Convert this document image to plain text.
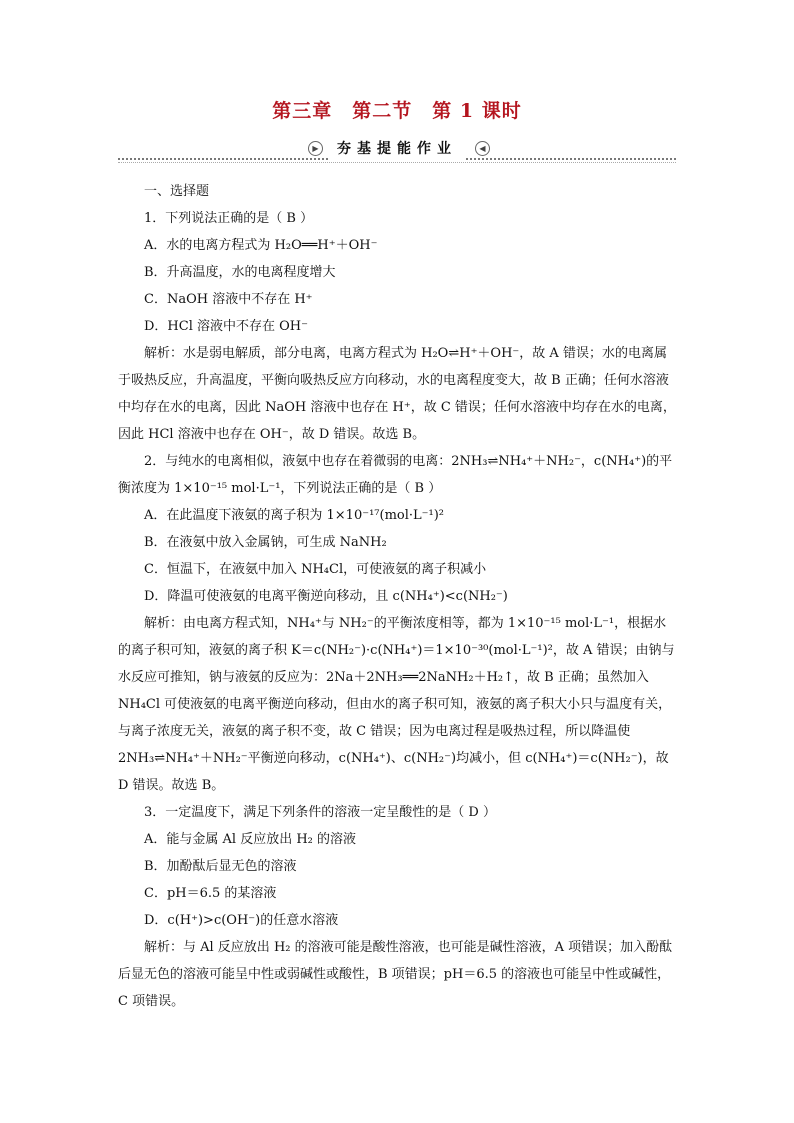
第三章　第二节　第 1 课时
夯基提能作业
▶	◀

一、选择题

1．下列说法正确的是（ B ）

A．水的电离方程式为 H₂O══H⁺＋OH⁻

B．升高温度，水的电离程度增大

C．NaOH 溶液中不存在 H⁺

D．HCl 溶液中不存在 OH⁻

解析：水是弱电解质，部分电离，电离方程式为 H₂O⇌H⁺＋OH⁻，故 A 错误；水的电离属于吸热反应，升高温度，平衡向吸热反应方向移动，水的电离程度变大，故 B 正确；任何水溶液中均存在水的电离，因此 NaOH 溶液中也存在 H⁺，故 C 错误；任何水溶液中均存在水的电离，因此 HCl 溶液中也存在 OH⁻，故 D 错误。故选 B。

2．与纯水的电离相似，液氨中也存在着微弱的电离：2NH₃⇌NH₄⁺＋NH₂⁻，c(NH₄⁺)的平衡浓度为 1×10⁻¹⁵ mol·L⁻¹，下列说法正确的是（ B ）

A．在此温度下液氨的离子积为 1×10⁻¹⁷(mol·L⁻¹)²

B．在液氨中放入金属钠，可生成 NaNH₂

C．恒温下，在液氨中加入 NH₄Cl，可使液氨的离子积减小

D．降温可使液氨的电离平衡逆向移动，且 c(NH₄⁺)<c(NH₂⁻)

解析：由电离方程式知，NH₄⁺与 NH₂⁻的平衡浓度相等，都为 1×10⁻¹⁵ mol·L⁻¹，根据水的离子积可知，液氨的离子积 K＝c(NH₂⁻)·c(NH₄⁺)＝1×10⁻³⁰(mol·L⁻¹)²，故 A 错误；由钠与水反应可推知，钠与液氨的反应为：2Na＋2NH₃══2NaNH₂＋H₂↑，故 B 正确；虽然加入 NH₄Cl 可使液氨的电离平衡逆向移动，但由水的离子积可知，液氨的离子积大小只与温度有关，与离子浓度无关，液氨的离子积不变，故 C 错误；因为电离过程是吸热过程，所以降温使 2NH₃⇌NH₄⁺＋NH₂⁻平衡逆向移动，c(NH₄⁺)、c(NH₂⁻)均减小，但 c(NH₄⁺)＝c(NH₂⁻)，故 D 错误。故选 B。

3．一定温度下，满足下列条件的溶液一定呈酸性的是（ D ）

A．能与金属 Al 反应放出 H₂ 的溶液

B．加酚酞后显无色的溶液

C．pH＝6.5 的某溶液

D．c(H⁺)>c(OH⁻)的任意水溶液

解析：与 Al 反应放出 H₂ 的溶液可能是酸性溶液，也可能是碱性溶液，A 项错误；加入酚酞后显无色的溶液可能呈中性或弱碱性或酸性，B 项错误；pH＝6.5 的溶液也可能呈中性或碱性，C 项错误。
